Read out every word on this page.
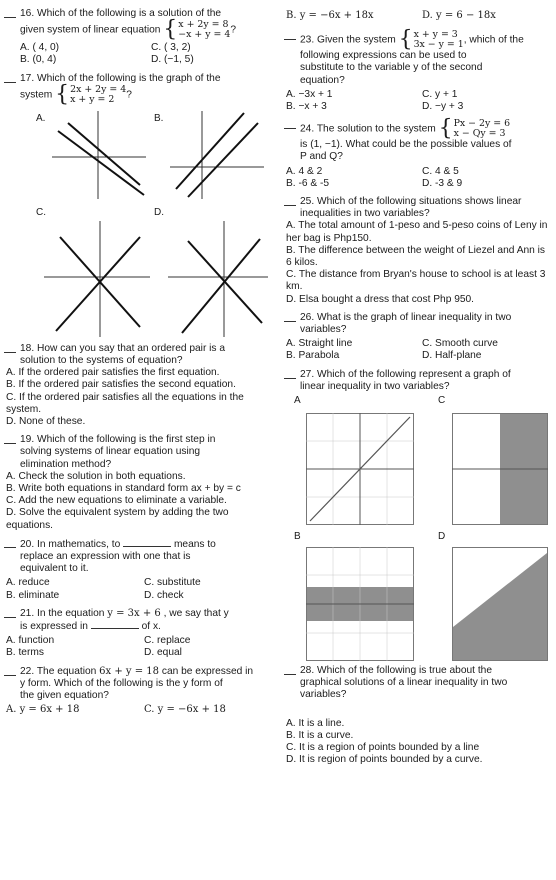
16. Which of the following is a solution of the

given system of linear equation { x + 2y = 8
−x + y = 4 ?

A. ( 4, 0)	C. ( 3, 2)
B. (0, 4)	D. (−1, 5)

17. Which of the following is the graph of the

system { 2x + 2y = 4
x + y = 2	?

A.	B.
C.	D.

18. How can you say that an ordered pair is a

solution to the systems of equation?

A. If the ordered pair satisfies the first equation.
B. If the ordered pair satisfies the second equation.
C. If the ordered pair satisfies all the equations in the system.
D. None of these.

19. Which of the following is the first step in

solving systems of linear equation using

elimination method?

A. Check the solution in both equations.
B. Write both equations in standard form ax + by = c
C. Add the new equations to eliminate a variable.
D. Solve the equivalent system by adding the two equations.

20. In mathematics, to	means to

replace an expression with one that is

equivalent to it.

A. reduce	C. substitute
B. eliminate	D. check

21. In the equation y = 3x + 6 , we say that y

is expressed in	of x.

A. function	C. replace
B. terms	D. equal

22. The equation 6x + y = 18 can be expressed in

y form. Which of the following is the y form of

the given equation?

A. y = 6x + 18	C. y = −6x + 18
B. y = −6x + 18x	D. y = 6 − 18x

23. Given the system { x + y = 3
3x − y = 1 , which of the

following expressions can be used to

substitute to the variable y of the second

equation?

A. −3x + 1	C. y + 1
B. −x + 3	D. −y + 3

24. The solution to the system { Px − 2y = 6
x − Qy = 3

is (1, −1). What could be the possible values of

P and Q?

A. 4 & 2	C. 4 & 5
B. -6 & -5	D. -3 & 9

25. Which of the following situations shows linear

inequalities in two variables?

A. The total amount of 1-peso and 5-peso coins of Leny in her bag is Php150.
B. The difference between the weight of Liezel and Ann is 6 kilos.
C. The distance from Bryan's house to school is at least 3 km.
D. Elsa bought a dress that cost Php 950.

26. What is the graph of linear inequality in two

variables?

A. Straight line	C. Smooth curve
B. Parabola	D. Half-plane

27. Which of the following represent a graph of

linear inequality in two variables?

A	C
B	D

28. Which of the following is true about the

graphical solutions of a linear inequality in two

variables?

A. It is a line.
B. It is a curve.
C. It is a region of points bounded by a line
D. It is region of points bounded by a curve.
